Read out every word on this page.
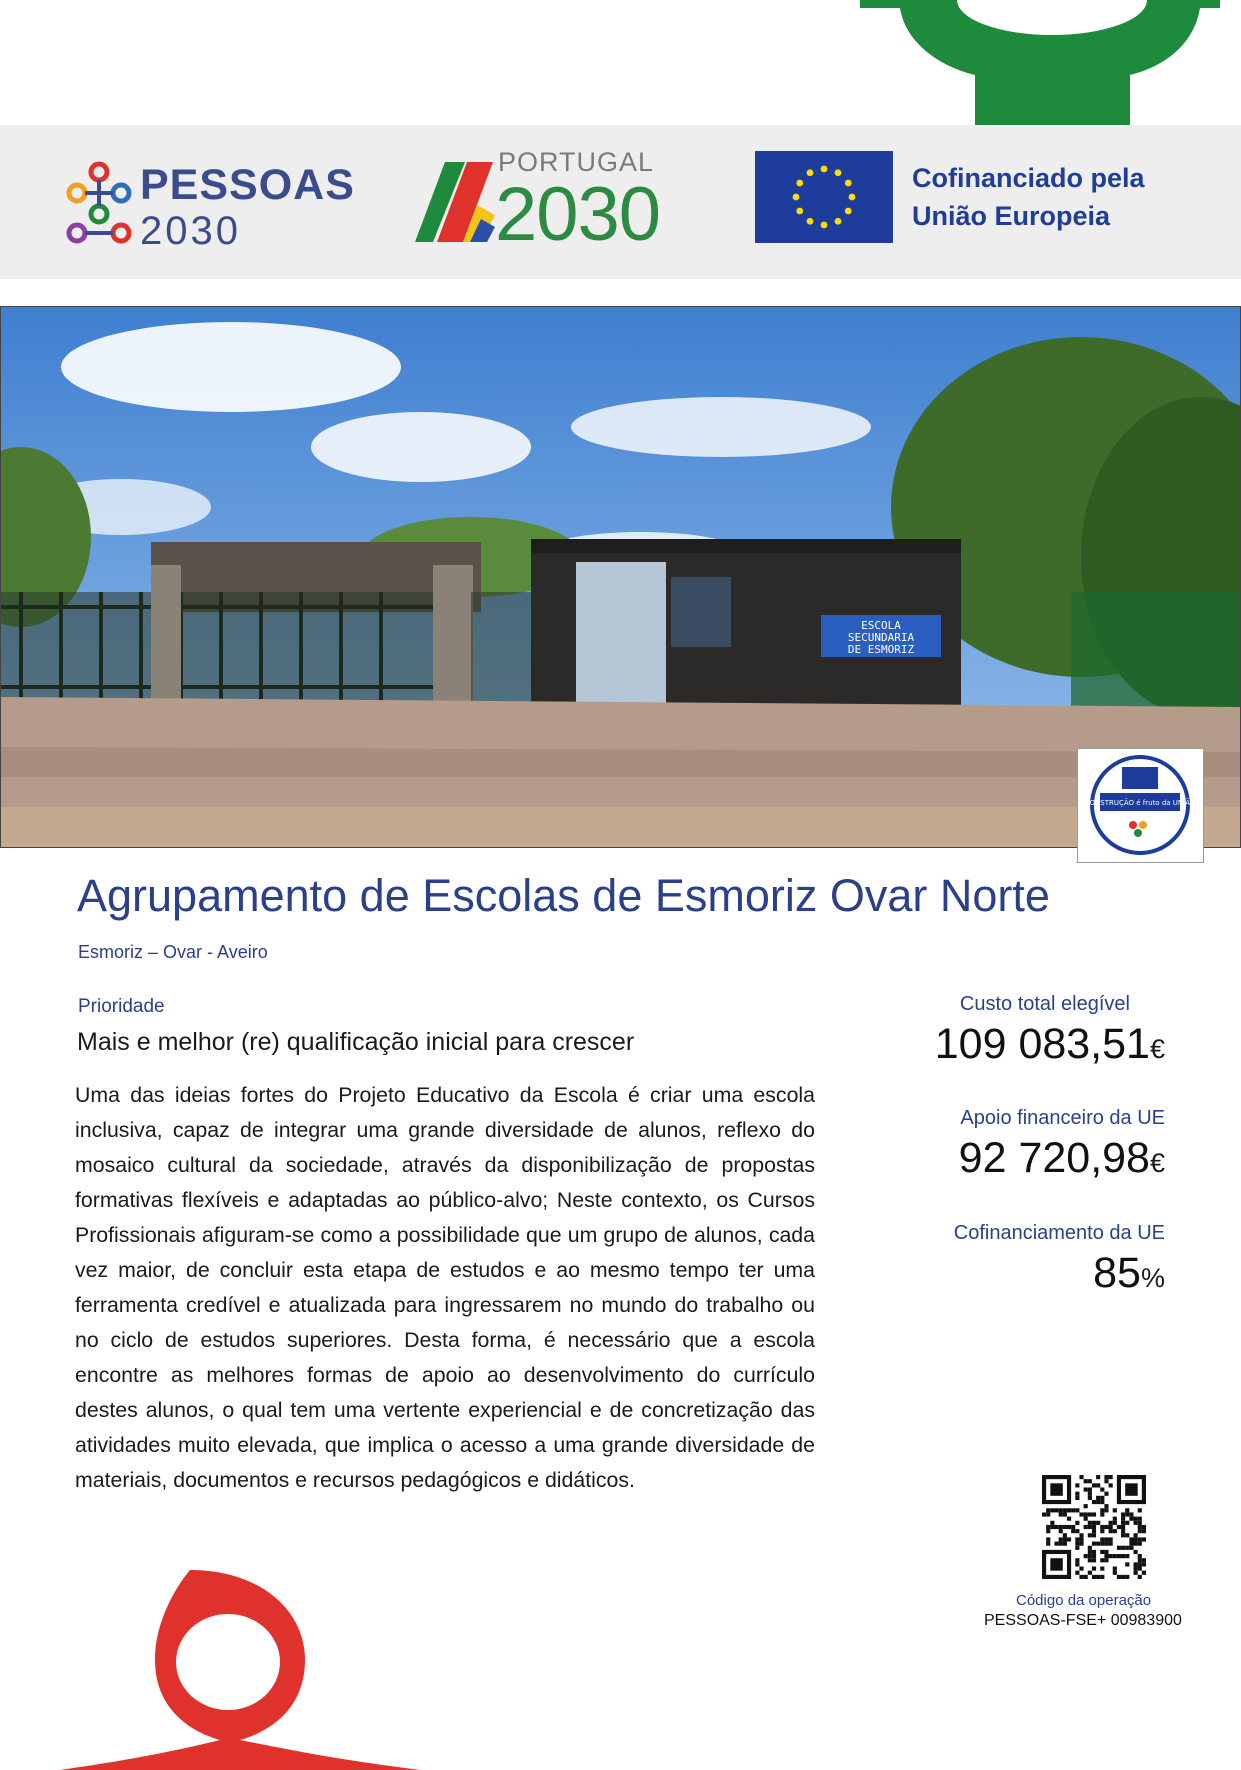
PESSOAS
2030
PORTUGAL
2030	Cofinanciado pela
União Europeia
ESCOLA
SECUNDARIA
DE ESMORIZ
CONSTRUÇÃO é fruto da UNIÃO
Agrupamento de Escolas de Esmoriz Ovar Norte
Esmoriz – Ovar - Aveiro
Prioridade
Mais e melhor (re) qualificação inicial para crescer

Uma das ideias fortes do Projeto Educativo da Escola é criar uma escola inclusiva, capaz de integrar uma grande diversidade de alunos, reflexo do mosaico cultural da sociedade, através da disponibilização de propostas formativas flexíveis e adaptadas ao público-alvo; Neste contexto, os Cursos Profissionais afiguram-se como a possibilidade que um grupo de alunos, cada vez maior, de concluir esta etapa de estudos e ao mesmo tempo ter uma ferramenta credível e atualizada para ingressarem no mundo do trabalho ou no ciclo de estudos superiores. Desta forma, é necessário que a escola encontre as melhores formas de apoio ao desenvolvimento do currículo destes alunos, o qual tem uma vertente experiencial e de concretização das atividades muito elevada, que implica o acesso a uma grande diversidade de materiais, documentos e recursos pedagógicos e didáticos.

Custo total elegível
109 083,51€
Apoio financeiro da UE
92 720,98€
Cofinanciamento da UE
85%
Código da operação
PESSOAS-FSE+ 00983900
